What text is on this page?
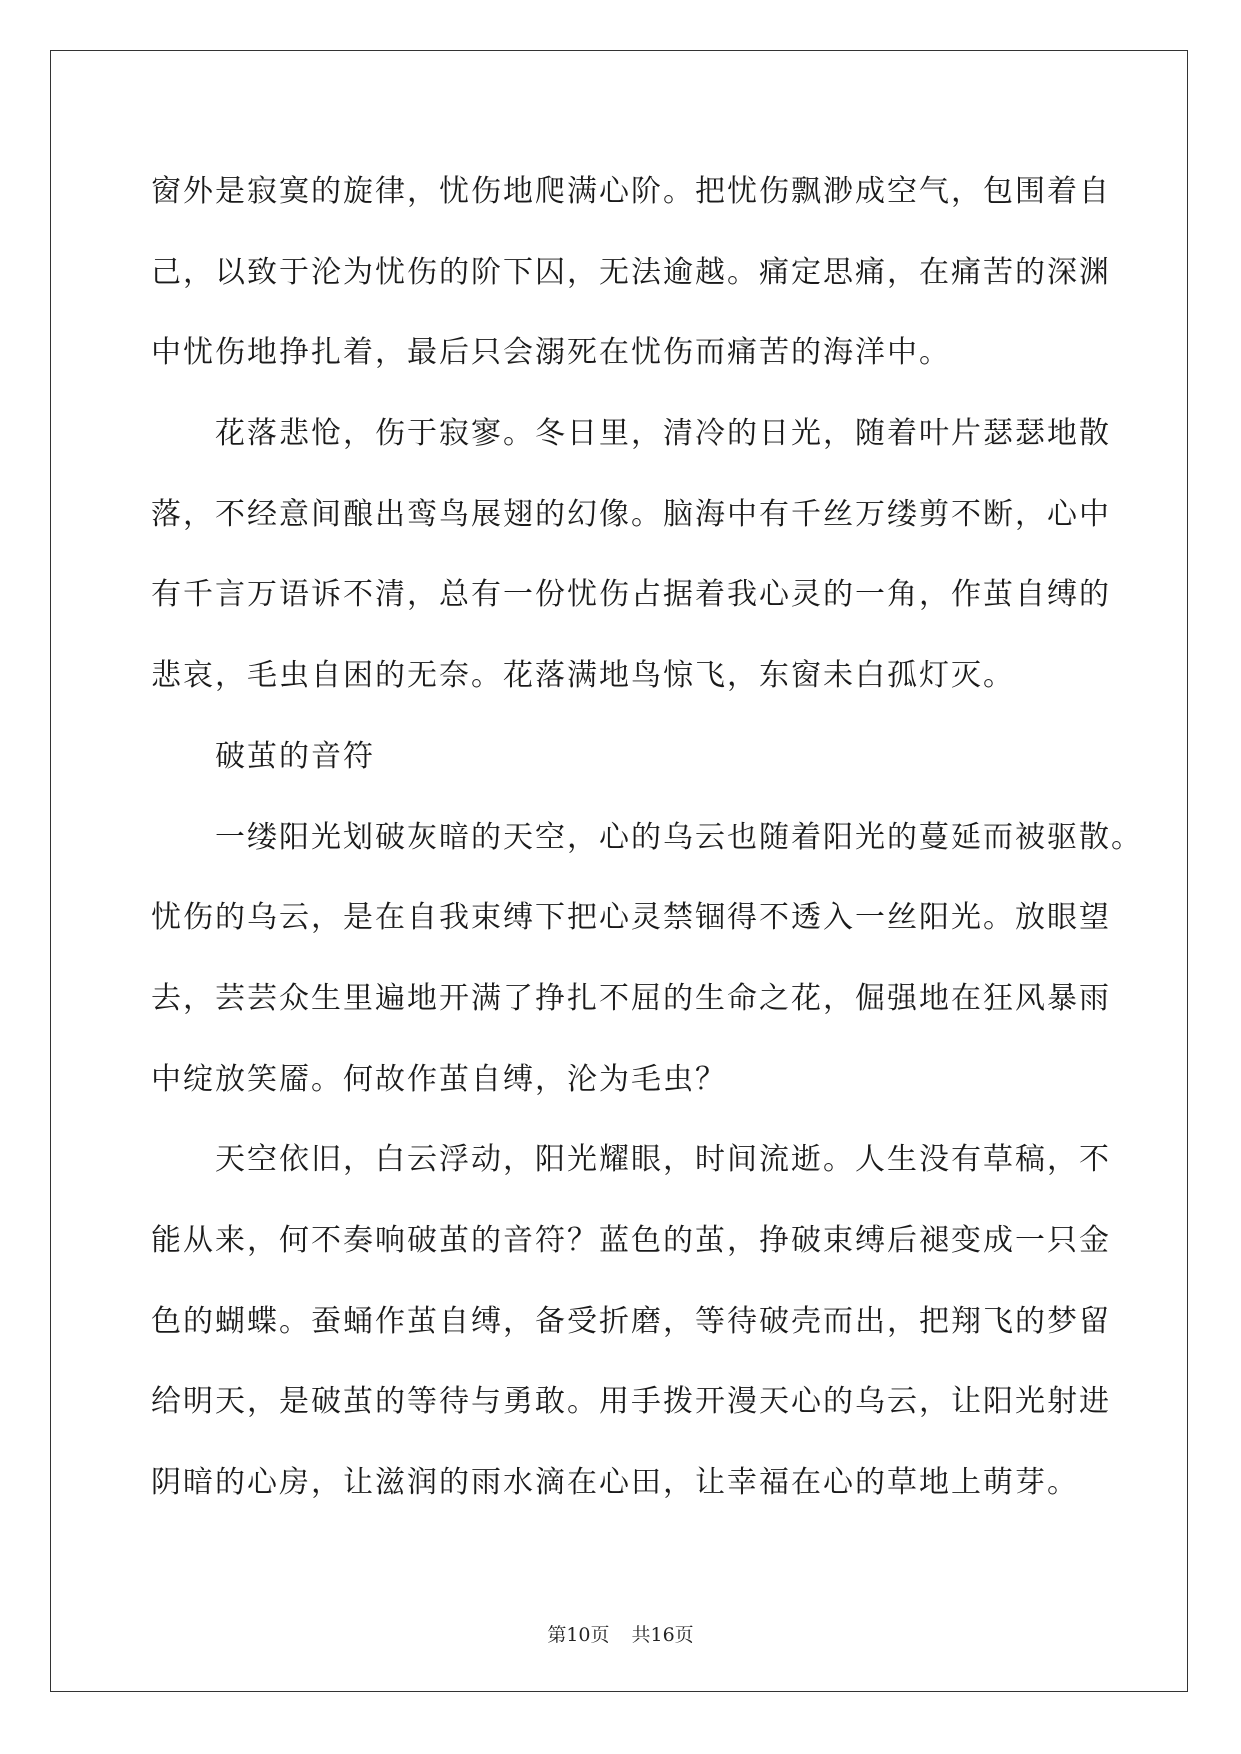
窗外是寂寞的旋律，忧伤地爬满心阶。把忧伤飘渺成空气，包围着自
己，以致于沦为忧伤的阶下囚，无法逾越。痛定思痛，在痛苦的深渊
中忧伤地挣扎着，最后只会溺死在忧伤而痛苦的海洋中。
花落悲怆，伤于寂寥。冬日里，清冷的日光，随着叶片瑟瑟地散
落，不经意间酿出鸾鸟展翅的幻像。脑海中有千丝万缕剪不断，心中
有千言万语诉不清，总有一份忧伤占据着我心灵的一角，作茧自缚的
悲哀，毛虫自困的无奈。花落满地鸟惊飞，东窗未白孤灯灭。
破茧的音符
一缕阳光划破灰暗的天空，心的乌云也随着阳光的蔓延而被驱散。
忧伤的乌云，是在自我束缚下把心灵禁锢得不透入一丝阳光。放眼望
去，芸芸众生里遍地开满了挣扎不屈的生命之花，倔强地在狂风暴雨
中绽放笑靥。何故作茧自缚，沦为毛虫？
天空依旧，白云浮动，阳光耀眼，时间流逝。人生没有草稿，不
能从来，何不奏响破茧的音符？蓝色的茧，挣破束缚后褪变成一只金
色的蝴蝶。蚕蛹作茧自缚，备受折磨，等待破壳而出，把翔飞的梦留
给明天，是破茧的等待与勇敢。用手拨开漫天心的乌云，让阳光射进
阴暗的心房，让滋润的雨水滴在心田，让幸福在心的草地上萌芽。
第10页 共16页
